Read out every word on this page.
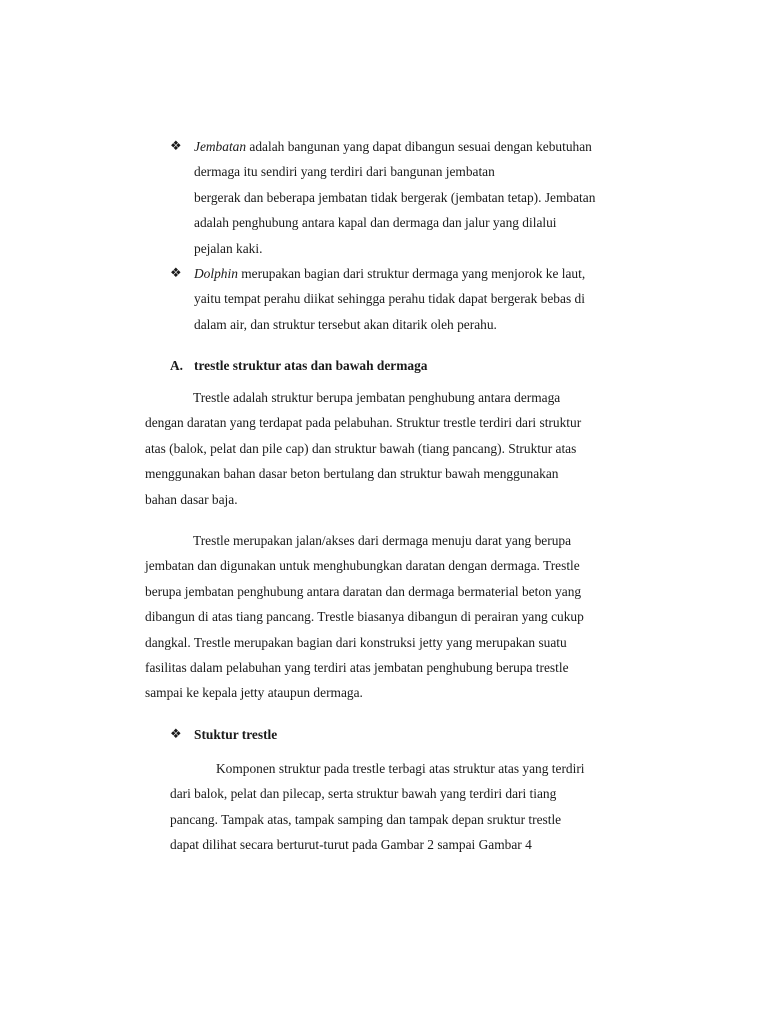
❖ Jembatan adalah bangunan yang dapat dibangun sesuai dengan kebutuhan
dermaga itu sendiri yang terdiri dari bangunan jembatan
bergerak dan beberapa jembatan tidak bergerak (jembatan tetap). Jembatan
adalah penghubung antara kapal dan dermaga dan jalur yang dilalui
pejalan kaki.
❖ Dolphin merupakan bagian dari struktur dermaga yang menjorok ke laut,
yaitu tempat perahu diikat sehingga perahu tidak dapat bergerak bebas di
dalam air, dan struktur tersebut akan ditarik oleh perahu.
A. trestle struktur atas dan bawah dermaga
Trestle adalah struktur berupa jembatan penghubung antara dermaga
dengan daratan yang terdapat pada pelabuhan. Struktur trestle terdiri dari struktur
atas (balok, pelat dan pile cap) dan struktur bawah (tiang pancang). Struktur atas
menggunakan bahan dasar beton bertulang dan struktur bawah menggunakan
bahan dasar baja.
Trestle merupakan jalan/akses dari dermaga menuju darat yang berupa
jembatan dan digunakan untuk menghubungkan daratan dengan dermaga. Trestle
berupa jembatan penghubung antara daratan dan dermaga bermaterial beton yang
dibangun di atas tiang pancang. Trestle biasanya dibangun di perairan yang cukup
dangkal. Trestle merupakan bagian dari konstruksi jetty yang merupakan suatu
fasilitas dalam pelabuhan yang terdiri atas jembatan penghubung berupa trestle
sampai ke kepala jetty ataupun dermaga.
❖ Stuktur trestle
Komponen struktur pada trestle terbagi atas struktur atas yang terdiri
dari balok, pelat dan pilecap, serta struktur bawah yang terdiri dari tiang
pancang. Tampak atas, tampak samping dan tampak depan sruktur trestle
dapat dilihat secara berturut-turut pada Gambar 2 sampai Gambar 4
